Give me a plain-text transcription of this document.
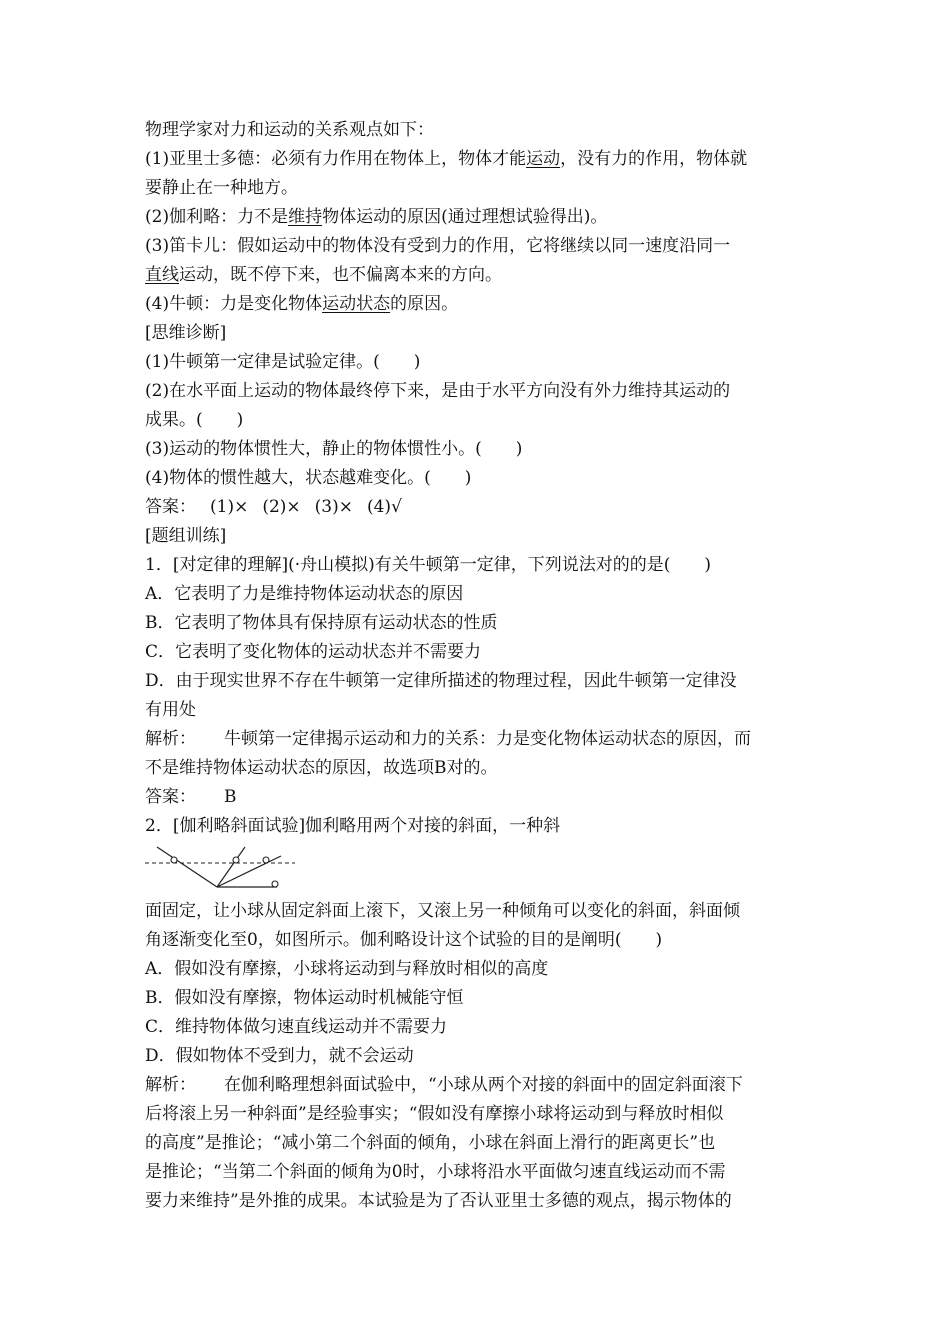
物理学家对力和运动的关系观点如下：
(1)亚里士多德：必须有力作用在物体上，物体才能运动，没有力的作用，物体就
要静止在一种地方。
(2)伽利略：力不是维持物体运动的原因(通过理想试验得出)。
(3)笛卡儿：假如运动中的物体没有受到力的作用，它将继续以同一速度沿同一
直线运动，既不停下来，也不偏离本来的方向。
(4)牛顿：力是变化物体运动状态的原因。
[思维诊断]
(1)牛顿第一定律是试验定律。(　　)
(2)在水平面上运动的物体最终停下来，是由于水平方向没有外力维持其运动的
成果。(　　)
(3)运动的物体惯性大，静止的物体惯性小。(　　)
(4)物体的惯性越大，状态越难变化。(　　)
答案： (1)× (2)× (3)× (4)√
[题组训练]
1．[对定律的理解](·舟山模拟)有关牛顿第一定律，下列说法对的的是(　　)
A．它表明了力是维持物体运动状态的原因
B．它表明了物体具有保持原有运动状态的性质
C．它表明了变化物体的运动状态并不需要力
D．由于现实世界不存在牛顿第一定律所描述的物理过程，因此牛顿第一定律没
有用处
解析： 牛顿第一定律揭示运动和力的关系：力是变化物体运动状态的原因，而
不是维持物体运动状态的原因，故选项B对的。
答案： B
2．[伽利略斜面试验]伽利略用两个对接的斜面，一种斜
面固定，让小球从固定斜面上滚下，又滚上另一种倾角可以变化的斜面，斜面倾
角逐渐变化至0，如图所示。伽利略设计这个试验的目的是阐明(　　)
A．假如没有摩擦，小球将运动到与释放时相似的高度
B．假如没有摩擦，物体运动时机械能守恒
C．维持物体做匀速直线运动并不需要力
D．假如物体不受到力，就不会运动
解析： 在伽利略理想斜面试验中，“小球从两个对接的斜面中的固定斜面滚下
后将滚上另一种斜面”是经验事实；“假如没有摩擦小球将运动到与释放时相似
的高度”是推论；“减小第二个斜面的倾角，小球在斜面上滑行的距离更长”也
是推论；“当第二个斜面的倾角为0时，小球将沿水平面做匀速直线运动而不需
要力来维持”是外推的成果。本试验是为了否认亚里士多德的观点，揭示物体的
